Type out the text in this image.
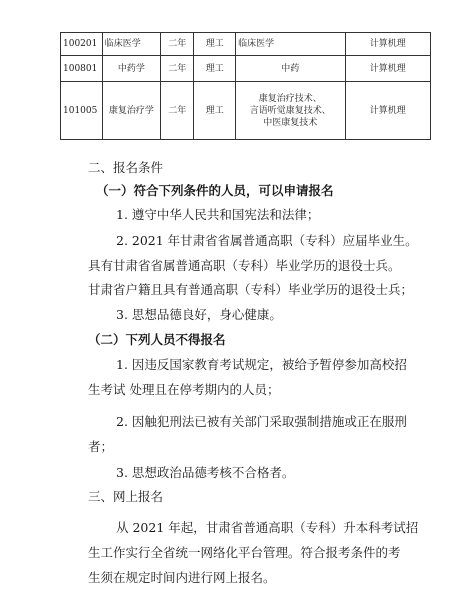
100201	临床医学	二年	理工	临床医学	计算机理
100801	中药学	二年	理工	中药	计算机理
101005	康复治疗学	二年	理工	康复治疗技术、
言语听觉康复技术、
中医康复技术	计算机理
二、报名条件
（一）符合下列条件的人员，可以申请报名
1. 遵守中华人民共和国宪法和法律；
2. 2021 年甘肃省省属普通高职（专科）应届毕业生。
具有甘肃省省属普通高职（专科）毕业学历的退役士兵。
甘肃省户籍且具有普通高职（专科）毕业学历的退役士兵；
3. 思想品德良好，身心健康。
（二）下列人员不得报名
1. 因违反国家教育考试规定，被给予暂停参加高校招
生考试 处理且在停考期内的人员；
2. 因触犯刑法已被有关部门采取强制措施或正在服刑
者；
3. 思想政治品德考核不合格者。
三、网上报名
从 2021 年起，甘肃省普通高职（专科）升本科考试招
生工作实行全省统一网络化平台管理。符合报考条件的考
生须在规定时间内进行网上报名。
